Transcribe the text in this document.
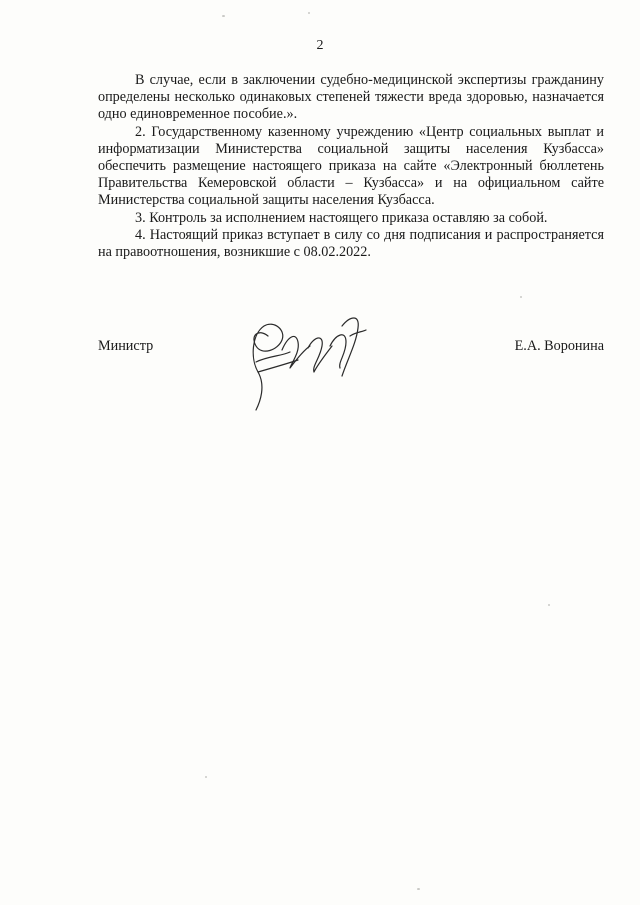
2

В случае, если в заключении судебно-медицинской экспертизы гражданину определены несколько одинаковых степеней тяжести вреда здоровью, назначается одно единовременное пособие.».

2. Государственному казенному учреждению «Центр социальных выплат и информатизации Министерства социальной защиты населения Кузбасса» обеспечить размещение настоящего приказа на сайте «Электронный бюллетень Правительства Кемеровской области – Кузбасса» и на официальном сайте Министерства социальной защиты населения Кузбасса.

3. Контроль за исполнением настоящего приказа оставляю за собой.

4. Настоящий приказ вступает в силу со дня подписания и распространяется на правоотношения, возникшие с 08.02.2022.

Министр	Е.А. Воронина
